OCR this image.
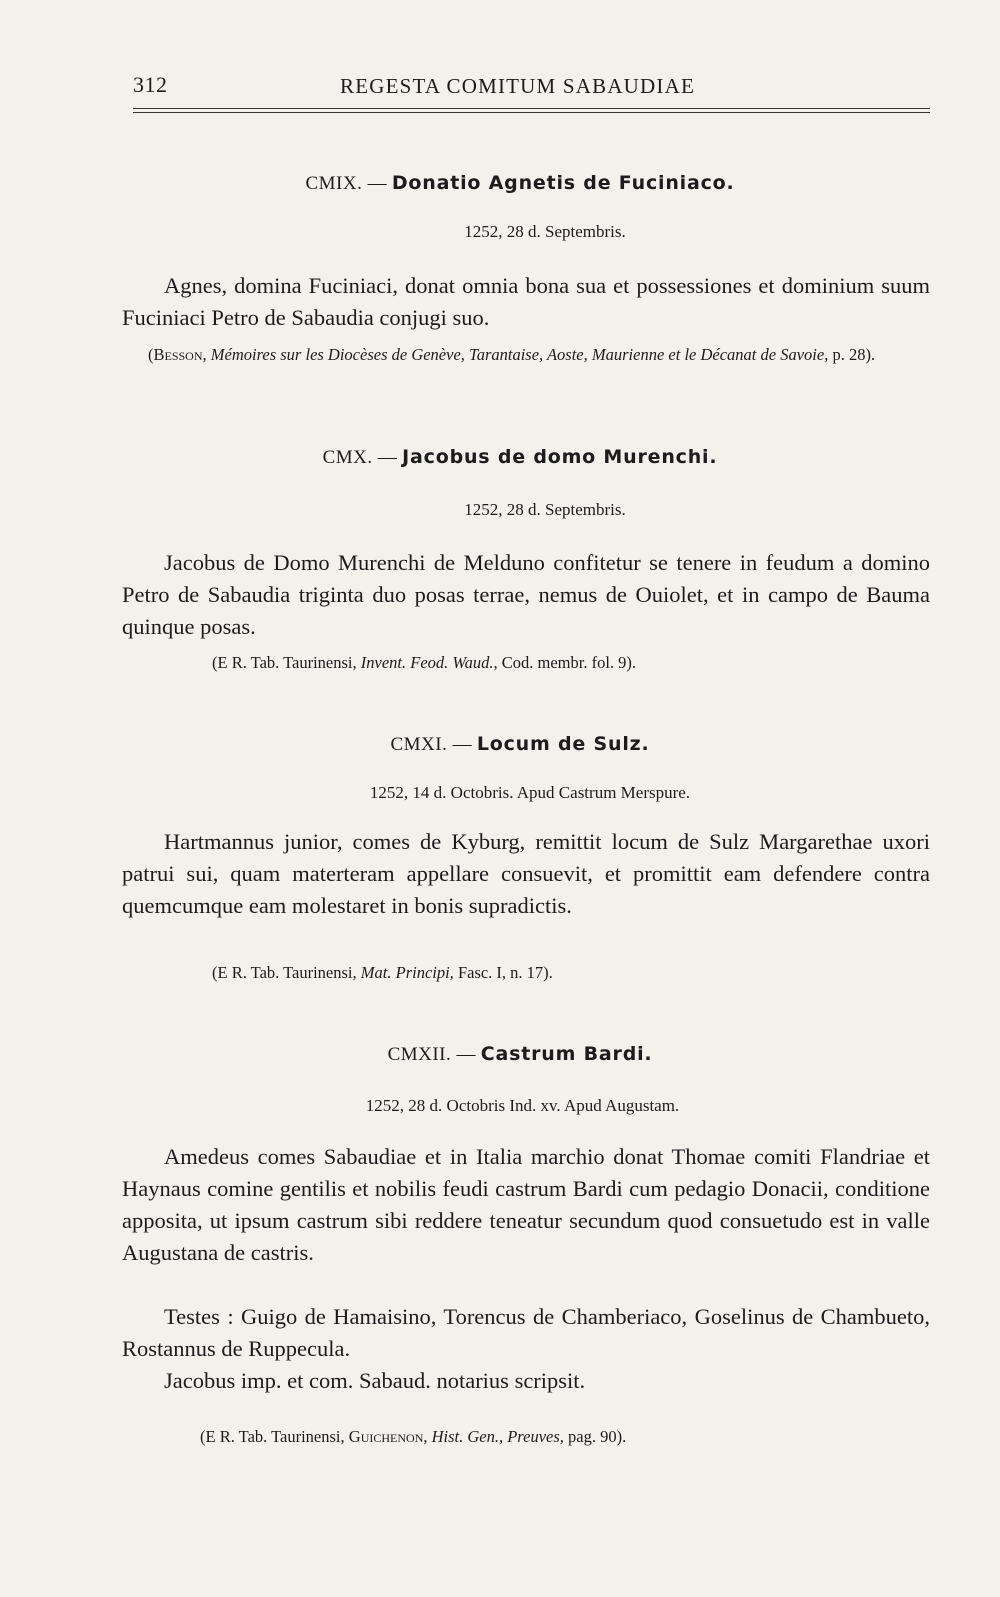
312	REGESTA COMITUM SABAUDIAE
CMIX. — Donatio Agnetis de Fuciniaco.
1252, 28 d. Septembris.

Agnes, domina Fuciniaci, donat omnia bona sua et possessiones et dominium suum Fuciniaci Petro de Sabaudia conjugi suo.

(Besson, Mémoires sur les Diocèses de Genève, Tarantaise, Aoste, Maurienne et le Décanat de Savoie, p. 28).

CMX. — Jacobus de domo Murenchi.
1252, 28 d. Septembris.

Jacobus de Domo Murenchi de Melduno confitetur se tenere in feudum a domino Petro de Sabaudia triginta duo posas terrae, nemus de Ouiolet, et in campo de Bauma quinque posas.

(E R. Tab. Taurinensi, Invent. Feod. Waud., Cod. membr. fol. 9).

CMXI. — Locum de Sulz.
1252, 14 d. Octobris. Apud Castrum Merspure.

Hartmannus junior, comes de Kyburg, remittit locum de Sulz Margarethae uxori patrui sui, quam materteram appellare consuevit, et promittit eam defendere contra quemcumque eam molestaret in bonis supradictis.

(E R. Tab. Taurinensi, Mat. Principi, Fasc. I, n. 17).

CMXII. — Castrum Bardi.
1252, 28 d. Octobris Ind. xv. Apud Augustam.

Amedeus comes Sabaudiae et in Italia marchio donat Thomae comiti Flandriae et Haynaus comine gentilis et nobilis feudi castrum Bardi cum pedagio Donacii, conditione apposita, ut ipsum castrum sibi reddere teneatur secundum quod consuetudo est in valle Augustana de castris.

Testes : Guigo de Hamaisino, Torencus de Chamberiaco, Goselinus de Chambueto, Rostannus de Ruppecula.

Jacobus imp. et com. Sabaud. notarius scripsit.

(E R. Tab. Taurinensi, Guichenon, Hist. Gen., Preuves, pag. 90).
